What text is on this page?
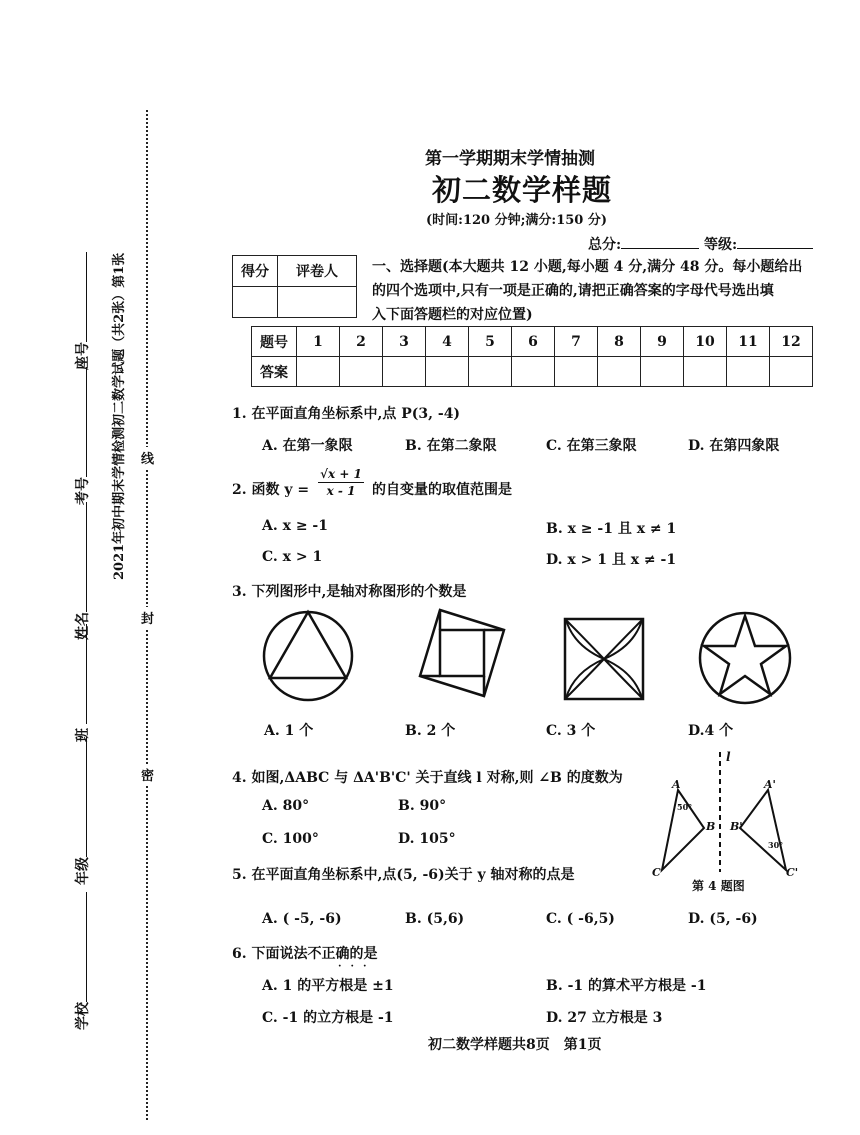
学校
年级
班
姓名
考号
座号	2021年初中期末学情检测初二数学试题（共2张）第1张
密
封
线
第一学期期末学情抽测
初二数学样题
(时间:120 分钟;满分:150 分)
总分:	等级:
得分	评卷人
	一、选择题(本大题共 12 小题,每小题 4 分,满分 48 分。每小题给出
的四个选项中,只有一项是正确的,请把正确答案的字母代号选出填
入下面答题栏的对应位置)
题号	1	2	3	4	5	6	7	8	9	10	11	12
答案												
1. 在平面直角坐标系中,点 P(3, -4)
A. 在第一象限	B. 在第二象限	C. 在第三象限	D. 在第四象限
2. 函数 $y = \frac{√x + 1}{x - 1}$ 的自变量的取值范围是
A. x ≥ -1	B. x ≥ -1 且 x ≠ 1
C. x > 1	D. x > 1 且 x ≠ -1
3. 下列图形中,是轴对称图形的个数是
A. 1 个	B. 2 个	C. 3 个	D.4 个
4. 如图,ΔABC 与 ΔA'B'C' 关于直线 l 对称,则 ∠B 的度数为
A. 80°	B. 90°
C. 100°	D. 105°
l
A
B
C
A'
B'
C'
50°
30°
第 4 题图
5. 在平面直角坐标系中,点(5, -6)关于 y 轴对称的点是
A. ( -5, -6)	B. (5,6)	C. ( -6,5)	D. (5, -6)
6. 下面说法不正确的是
···
A. 1 的平方根是 ±1	B. -1 的算术平方根是 -1
C. -1 的立方根是 -1	D. 27 立方根是 3
初二数学样题共8页　第1页
